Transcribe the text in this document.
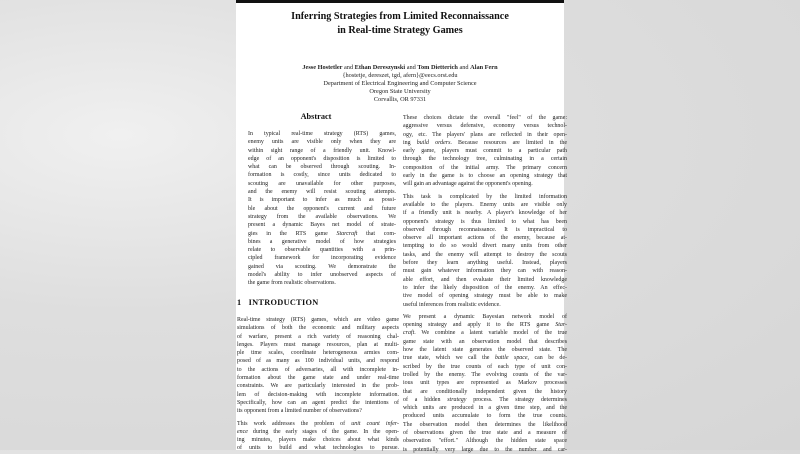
Inferring Strategies from Limited Reconnaissance
in Real-time Strategy Games
Jesse Hostetler and Ethan Dereszynski and Tom Dietterich and Alan Fern
{hostetje, dereszet, tgd, afern}@eecs.orst.edu
Department of Electrical Engineering and Computer Science
Oregon State University
Corvallis, OR 97331
Abstract
In typical real-time strategy (RTS) games,
enemy units are visible only when they are
within sight range of a friendly unit. Knowl-
edge of an opponent's disposition is limited to
what can be observed through scouting. In-
formation is costly, since units dedicated to
scouting are unavailable for other purposes,
and the enemy will resist scouting attempts.
It is important to infer as much as possi-
ble about the opponent's current and future
strategy from the available observations. We
present a dynamic Bayes net model of strate-
gies in the RTS game Starcraft that com-
bines a generative model of how strategies
relate to observable quantities with a prin-
cipled framework for incorporating evidence
gained via scouting. We demonstrate the
model's ability to infer unobserved aspects of
the game from realistic observations.
1   INTRODUCTION
Real-time strategy (RTS) games, which are video game
simulations of both the economic and military aspects
of warfare, present a rich variety of reasoning chal-
lenges. Players must manage resources, plan at multi-
ple time scales, coordinate heterogeneous armies com-
posed of as many as 100 individual units, and respond
to the actions of adversaries, all with incomplete in-
formation about the game state and under real-time
constraints. We are particularly interested in the prob-
lem of decision-making with incomplete information.
Specifically, how can an agent predict the intentions of
its opponent from a limited number of observations?
This work addresses the problem of unit count infer-
ence during the early stages of the game. In the open-
ing minutes, players make choices about what kinds
of units to build and what technologies to pursue.
These choices dictate the overall "feel" of the game:
aggressive versus defensive, economy versus technol-
ogy, etc. The players' plans are reflected in their open-
ing build orders. Because resources are limited in the
early game, players must commit to a particular path
through the technology tree, culminating in a certain
composition of the initial army. The primary concern
early in the game is to choose an opening strategy that
will gain an advantage against the opponent's opening.
This task is complicated by the limited information
available to the players. Enemy units are visible only
if a friendly unit is nearby. A player's knowledge of her
opponent's strategy is thus limited to what has been
observed through reconnaissance. It is impractical to
observe all important actions of the enemy, because at-
tempting to do so would divert many units from other
tasks, and the enemy will attempt to destroy the scouts
before they learn anything useful. Instead, players
must gain whatever information they can with reason-
able effort, and then evaluate their limited knowledge
to infer the likely disposition of the enemy. An effec-
tive model of opening strategy must be able to make
useful inferences from realistic evidence.
We present a dynamic Bayesian network model of
opening strategy and apply it to the RTS game Star-
craft. We combine a latent variable model of the true
game state with an observation model that describes
how the latent state generates the observed state. The
true state, which we call the battle space, can be de-
scribed by the true counts of each type of unit con-
trolled by the enemy. The evolving counts of the var-
ious unit types are represented as Markov processes
that are conditionally independent given the history
of a hidden strategy process. The strategy determines
which units are produced in a given time step, and the
produced units accumulate to form the true counts.
The observation model then determines the likelihood
of observations given the true state and a measure of
observation "effort." Although the hidden state space
is potentially very large due to the number and car-
